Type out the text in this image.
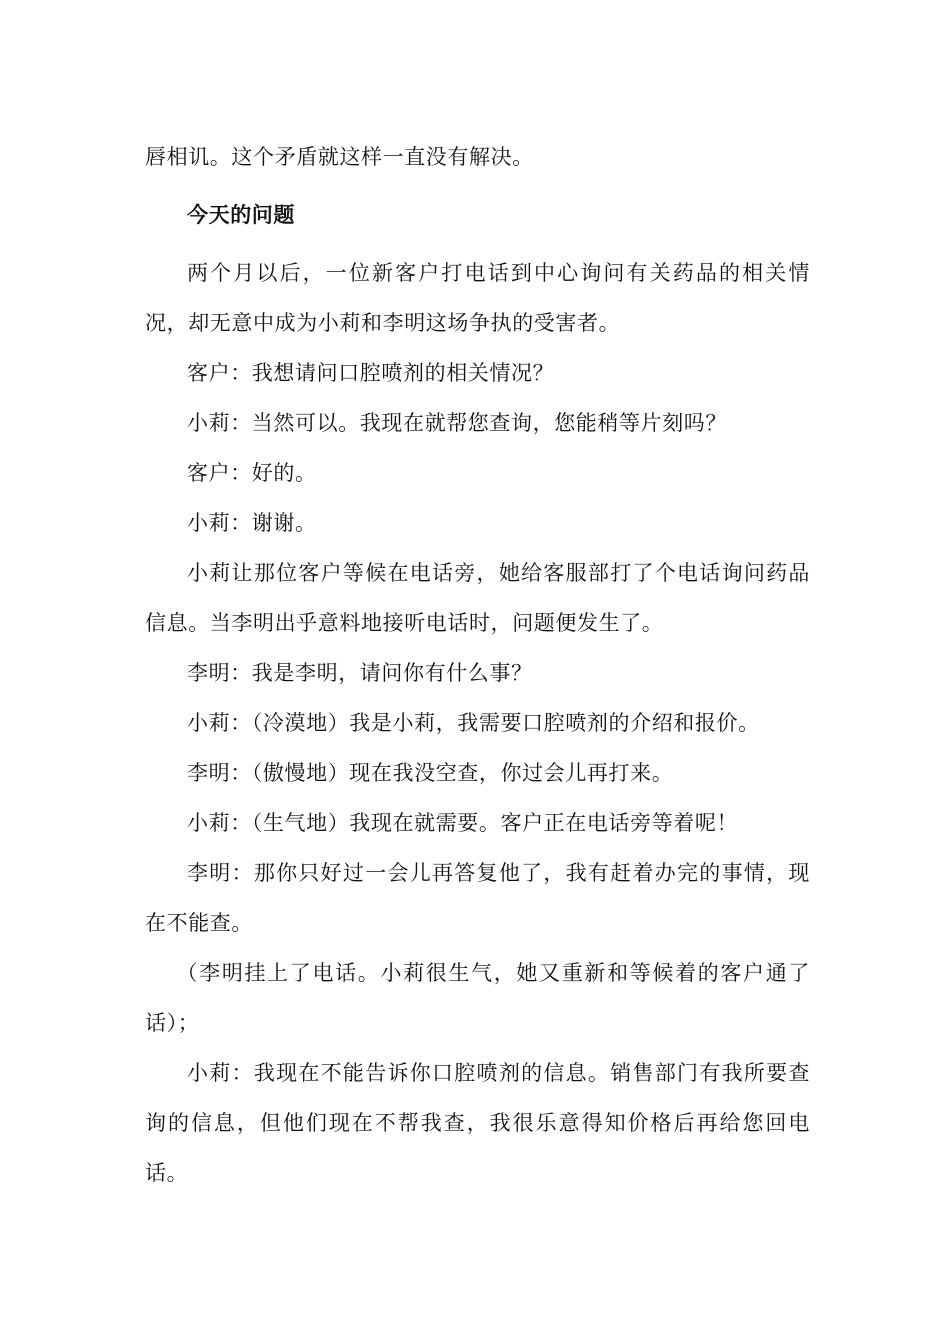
唇相讥。这个矛盾就这样一直没有解决。

今天的问题

两个月以后，一位新客户打电话到中心询问有关药品的相关情况，却无意中成为小莉和李明这场争执的受害者。

客户：我想请问口腔喷剂的相关情况？

小莉：当然可以。我现在就帮您查询，您能稍等片刻吗？

客户：好的。

小莉：谢谢。

小莉让那位客户等候在电话旁，她给客服部打了个电话询问药品信息。当李明出乎意料地接听电话时，问题便发生了。

李明：我是李明，请问你有什么事？

小莉：（冷漠地）我是小莉，我需要口腔喷剂的介绍和报价。

李明：（傲慢地）现在我没空查，你过会儿再打来。

小莉：（生气地）我现在就需要。客户正在电话旁等着呢！

李明：那你只好过一会儿再答复他了，我有赶着办完的事情，现在不能查。

（李明挂上了电话。小莉很生气，她又重新和等候着的客户通了话）；

小莉：我现在不能告诉你口腔喷剂的信息。销售部门有我所要查询的信息，但他们现在不帮我查，我很乐意得知价格后再给您回电话。
